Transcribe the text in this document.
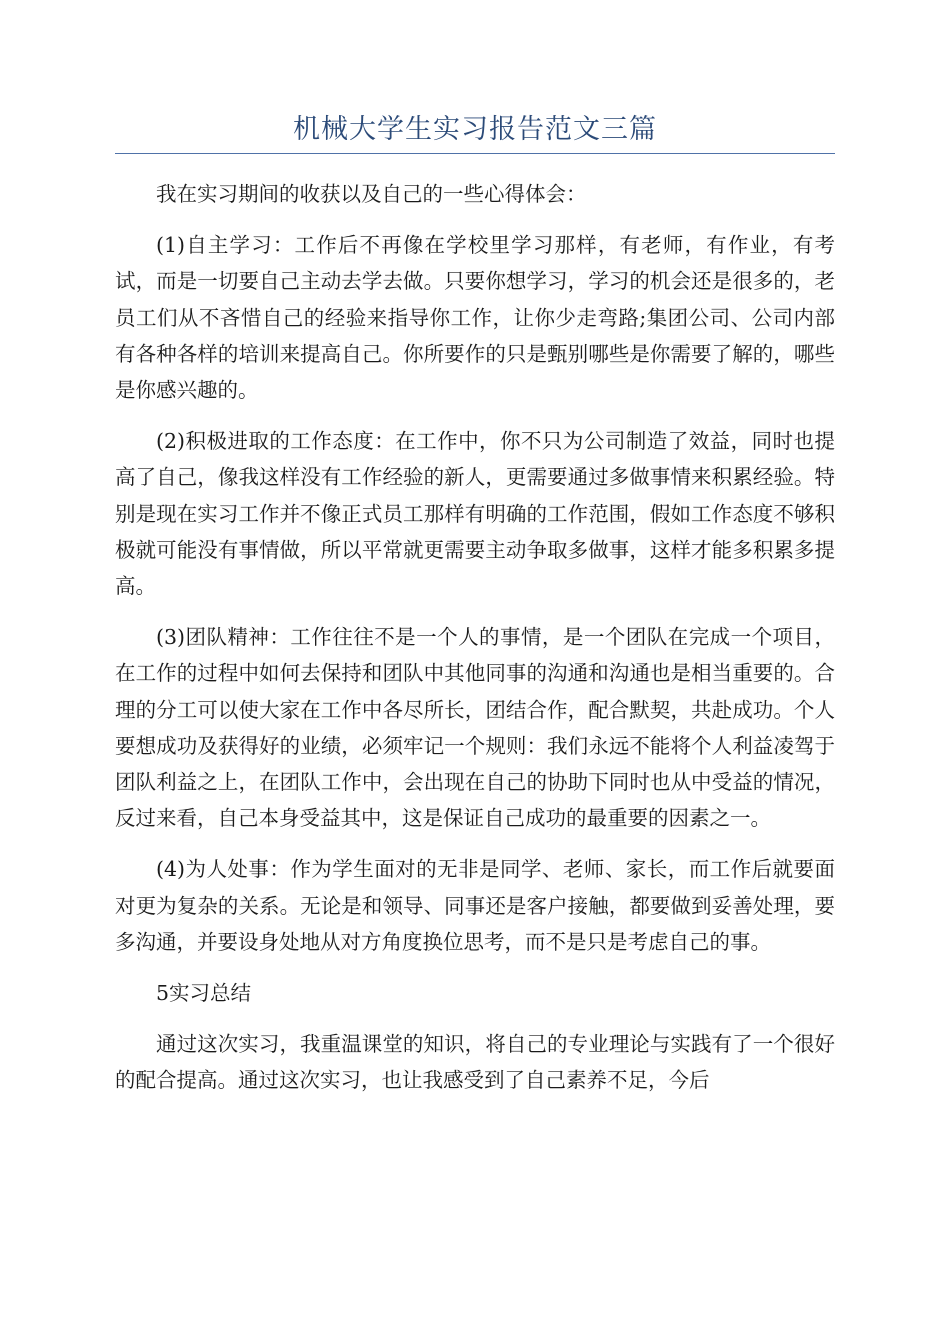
机械大学生实习报告范文三篇

我在实习期间的收获以及自己的一些心得体会：

(1)自主学习：工作后不再像在学校里学习那样，有老师，有作业，有考试，而是一切要自己主动去学去做。只要你想学习，学习的机会还是很多的，老员工们从不吝惜自己的经验来指导你工作，让你少走弯路;集团公司、公司内部有各种各样的培训来提高自己。你所要作的只是甄别哪些是你需要了解的，哪些是你感兴趣的。

(2)积极进取的工作态度：在工作中，你不只为公司制造了效益，同时也提高了自己，像我这样没有工作经验的新人，更需要通过多做事情来积累经验。特别是现在实习工作并不像正式员工那样有明确的工作范围，假如工作态度不够积极就可能没有事情做，所以平常就更需要主动争取多做事，这样才能多积累多提高。

(3)团队精神：工作往往不是一个人的事情，是一个团队在完成一个项目，在工作的过程中如何去保持和团队中其他同事的沟通和沟通也是相当重要的。合理的分工可以使大家在工作中各尽所长，团结合作，配合默契，共赴成功。个人要想成功及获得好的业绩，必须牢记一个规则：我们永远不能将个人利益凌驾于团队利益之上，在团队工作中，会出现在自己的协助下同时也从中受益的情况，反过来看，自己本身受益其中，这是保证自己成功的最重要的因素之一。

(4)为人处事：作为学生面对的无非是同学、老师、家长，而工作后就要面对更为复杂的关系。无论是和领导、同事还是客户接触，都要做到妥善处理，要多沟通，并要设身处地从对方角度换位思考，而不是只是考虑自己的事。

5实习总结

通过这次实习，我重温课堂的知识，将自己的专业理论与实践有了一个很好的配合提高。通过这次实习，也让我感受到了自己素养不足，今后
